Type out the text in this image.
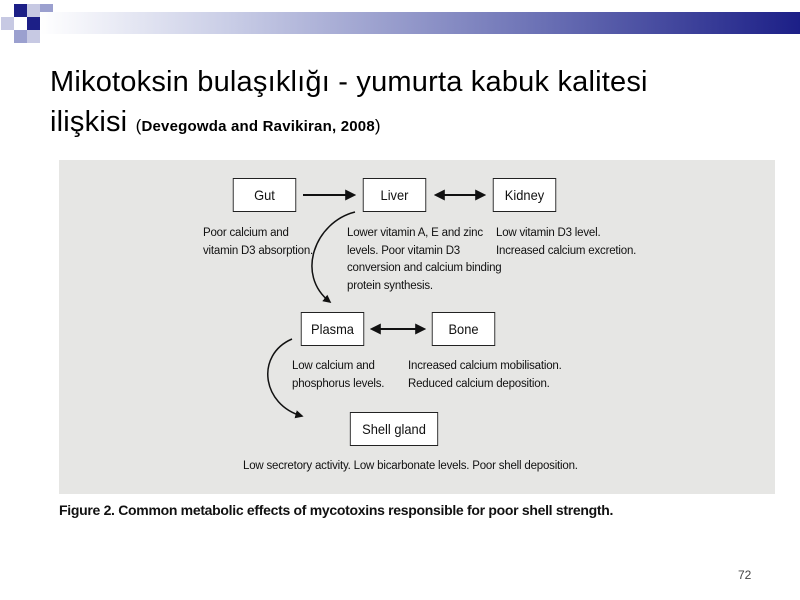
Mikotoksin bulaşıklığı - yumurta kabuk kalitesi
ilişkisi (Devegowda and Ravikiran, 2008)
Gut	Liver	Kidney
Plasma	Bone
Shell gland
Poor calcium and
vitamin D3 absorption.
Lower vitamin A, E and zinc
levels. Poor vitamin D3
conversion and calcium binding
protein synthesis.
Low vitamin D3 level.
Increased calcium excretion.
Low calcium and
phosphorus levels.
Increased calcium mobilisation.
Reduced calcium deposition.
Low secretory activity. Low bicarbonate levels. Poor shell deposition.
Figure 2. Common metabolic effects of mycotoxins responsible for poor shell strength.
72
